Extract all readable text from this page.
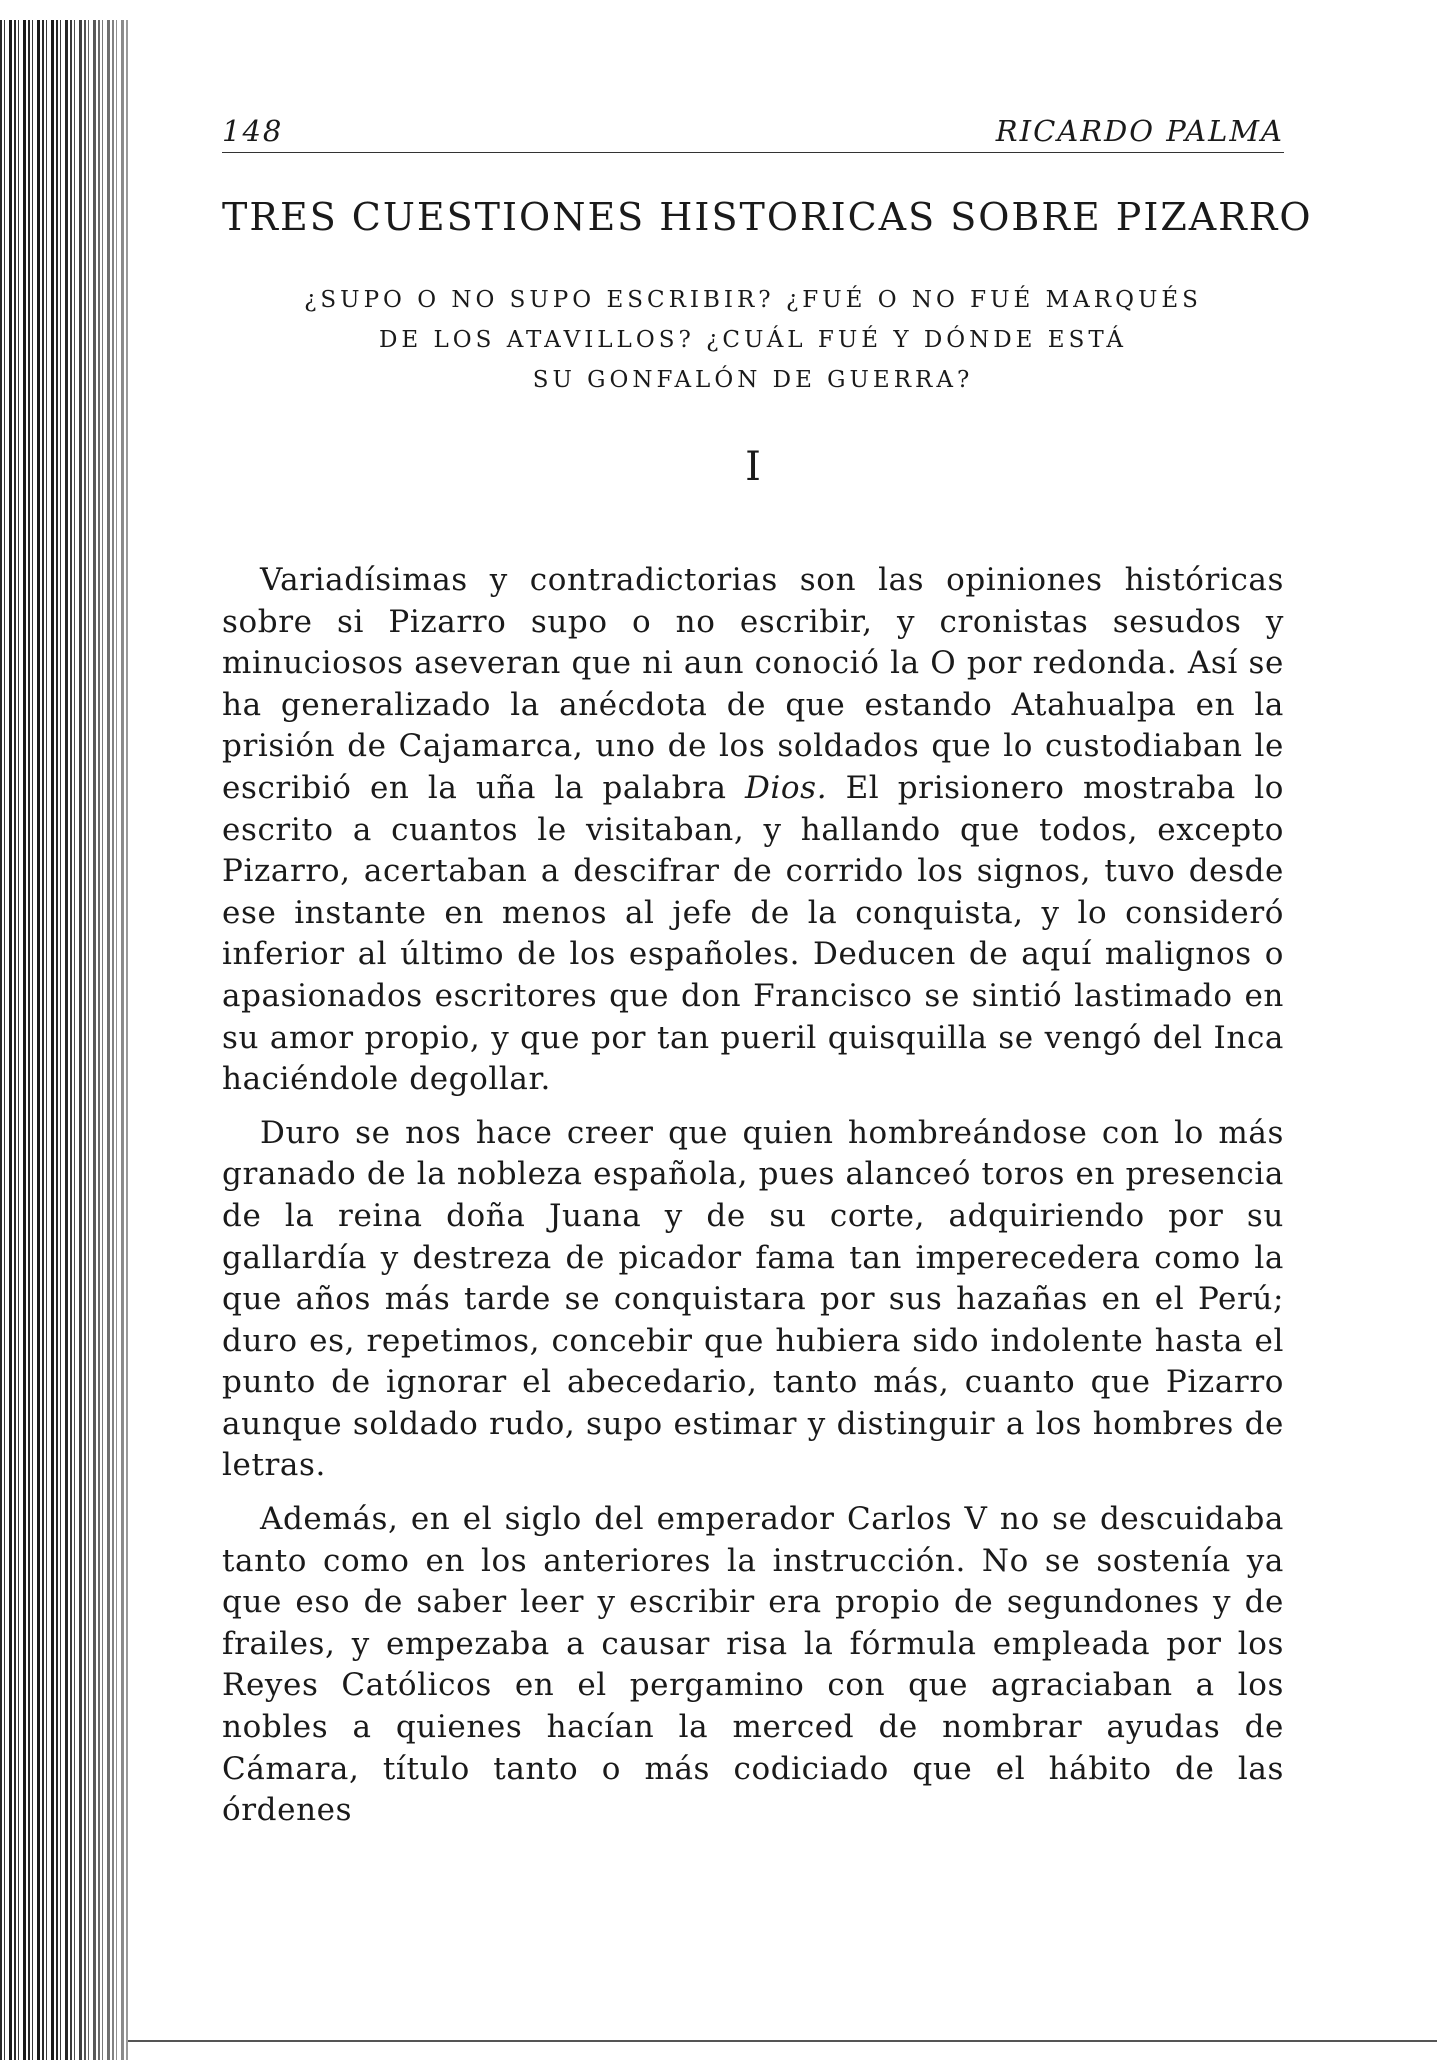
148	RICARDO PALMA
TRES CUESTIONES HISTORICAS SOBRE PIZARRO
¿SUPO O NO SUPO ESCRIBIR? ¿FUÉ O NO FUÉ MARQUÉS
DE LOS ATAVILLOS? ¿CUÁL FUÉ Y DÓNDE ESTÁ
SU GONFALÓN DE GUERRA?
I

Variadísimas y contradictorias son las opiniones históricas sobre si Pizarro supo o no escribir, y cronistas sesudos y minuciosos aseveran que ni aun conoció la O por redonda. Así se ha generalizado la anécdota de que estando Atahualpa en la prisión de Cajamarca, uno de los soldados que lo custodiaban le escribió en la uña la palabra Dios. El prisionero mostraba lo escrito a cuantos le visitaban, y hallando que todos, excepto Pizarro, acertaban a descifrar de corrido los signos, tuvo desde ese instante en menos al jefe de la conquista, y lo consideró inferior al último de los españoles. Deducen de aquí malignos o apasionados escritores que don Francisco se sintió lastimado en su amor propio, y que por tan pueril quisquilla se vengó del Inca haciéndole degollar.

Duro se nos hace creer que quien hombreándose con lo más granado de la nobleza española, pues alanceó toros en presencia de la reina doña Juana y de su corte, adquiriendo por su gallardía y destreza de picador fama tan imperecedera como la que años más tarde se conquistara por sus hazañas en el Perú; duro es, repetimos, concebir que hubiera sido indolente hasta el punto de ignorar el abecedario, tanto más, cuanto que Pizarro aunque soldado rudo, supo estimar y distinguir a los hombres de letras.

Además, en el siglo del emperador Carlos V no se descuidaba tanto como en los anteriores la instrucción. No se sostenía ya que eso de saber leer y escribir era propio de segundones y de frailes, y empezaba a causar risa la fórmula empleada por los Reyes Católicos en el pergamino con que agraciaban a los nobles a quienes hacían la merced de nombrar ayudas de Cámara, título tanto o más codiciado que el hábito de las órdenes
